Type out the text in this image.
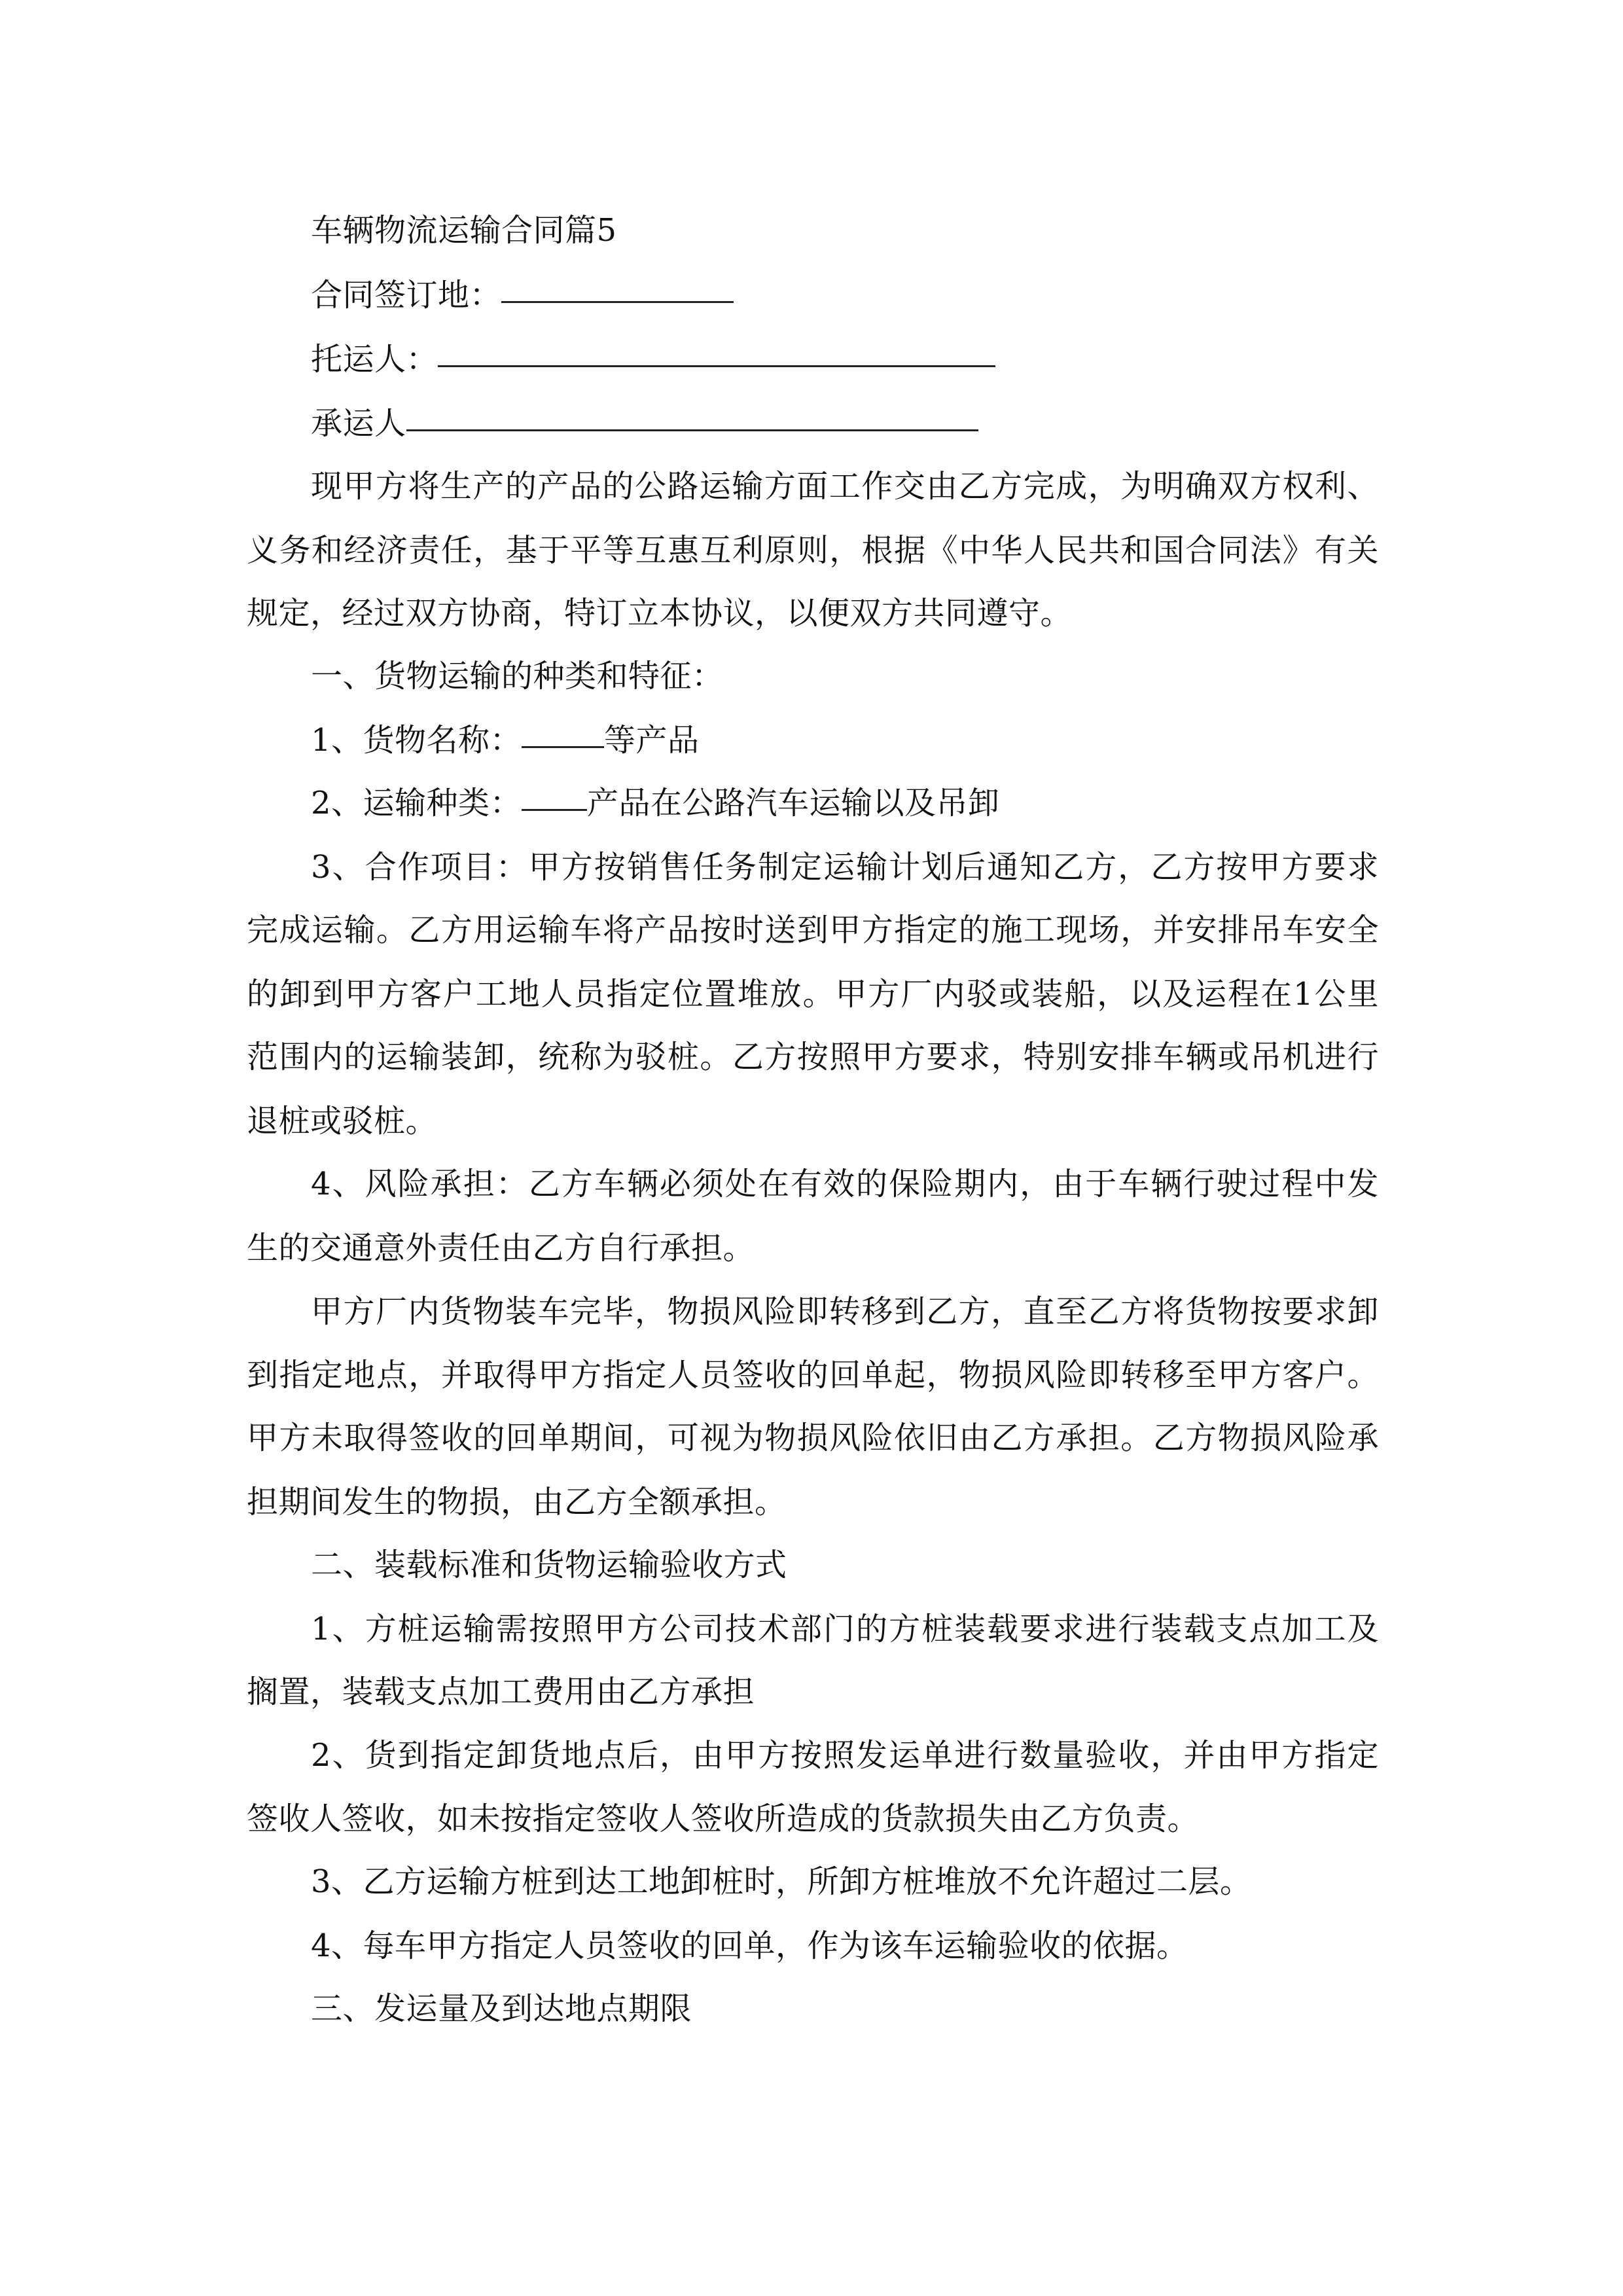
车辆物流运输合同篇5
合同签订地：
托运人：
承运人
现甲方将生产的产品的公路运输方面工作交由乙方完成，为明确双方权利、
义务和经济责任，基于平等互惠互利原则，根据《中华人民共和国合同法》有关
规定，经过双方协商，特订立本协议，以便双方共同遵守。
一、货物运输的种类和特征：
1、货物名称：	等产品
2、运输种类： 产品在公路汽车运输以及吊卸
3、合作项目：甲方按销售任务制定运输计划后通知乙方，乙方按甲方要求
完成运输。乙方用运输车将产品按时送到甲方指定的施工现场，并安排吊车安全
的卸到甲方客户工地人员指定位置堆放。甲方厂内驳或装船，以及运程在1公里
范围内的运输装卸，统称为驳桩。乙方按照甲方要求，特别安排车辆或吊机进行
退桩或驳桩。
4、风险承担：乙方车辆必须处在有效的保险期内，由于车辆行驶过程中发
生的交通意外责任由乙方自行承担。
甲方厂内货物装车完毕，物损风险即转移到乙方，直至乙方将货物按要求卸
到指定地点，并取得甲方指定人员签收的回单起，物损风险即转移至甲方客户。
甲方未取得签收的回单期间，可视为物损风险依旧由乙方承担。乙方物损风险承
担期间发生的物损，由乙方全额承担。
二、装载标准和货物运输验收方式
1、方桩运输需按照甲方公司技术部门的方桩装载要求进行装载支点加工及
搁置，装载支点加工费用由乙方承担
2、货到指定卸货地点后，由甲方按照发运单进行数量验收，并由甲方指定
签收人签收，如未按指定签收人签收所造成的货款损失由乙方负责。
3、乙方运输方桩到达工地卸桩时，所卸方桩堆放不允许超过二层。
4、每车甲方指定人员签收的回单，作为该车运输验收的依据。
三、发运量及到达地点期限
